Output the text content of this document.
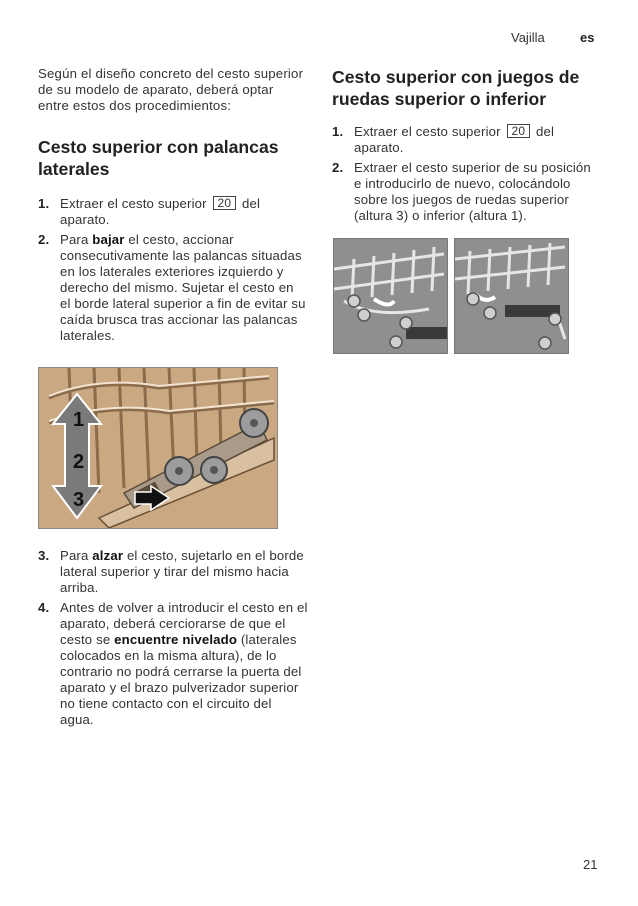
Vajilla	es

Según el diseño concreto del cesto superior de su modelo de aparato, deberá optar entre estos dos procedimientos:

Cesto superior con palancas laterales
1. Extraer el cesto superior 20 del aparato.
2. Para bajar el cesto, accionar consecutivamente las palancas situadas en los laterales exteriores izquierdo y derecho del mismo. Sujetar el cesto en el borde lateral superior a fin de evitar su caída brusca tras accionar las palancas laterales.
1
2
3
3. Para alzar el cesto, sujetarlo en el borde lateral superior y tirar del mismo hacia arriba.
4. Antes de volver a introducir el cesto en el aparato, deberá cerciorarse de que el cesto se encuentre nivelado (laterales colocados en la misma altura), de lo contrario no podrá cerrarse la puerta del aparato y el brazo pulverizador superior no tiene contacto con el circuito del agua.
Cesto superior con juegos de ruedas superior o inferior
1. Extraer el cesto superior 20 del aparato.
2. Extraer el cesto superior de su posición e introducirlo de nuevo, colocándolo sobre los juegos de ruedas superior (altura 3) o inferior (altura 1).
21
